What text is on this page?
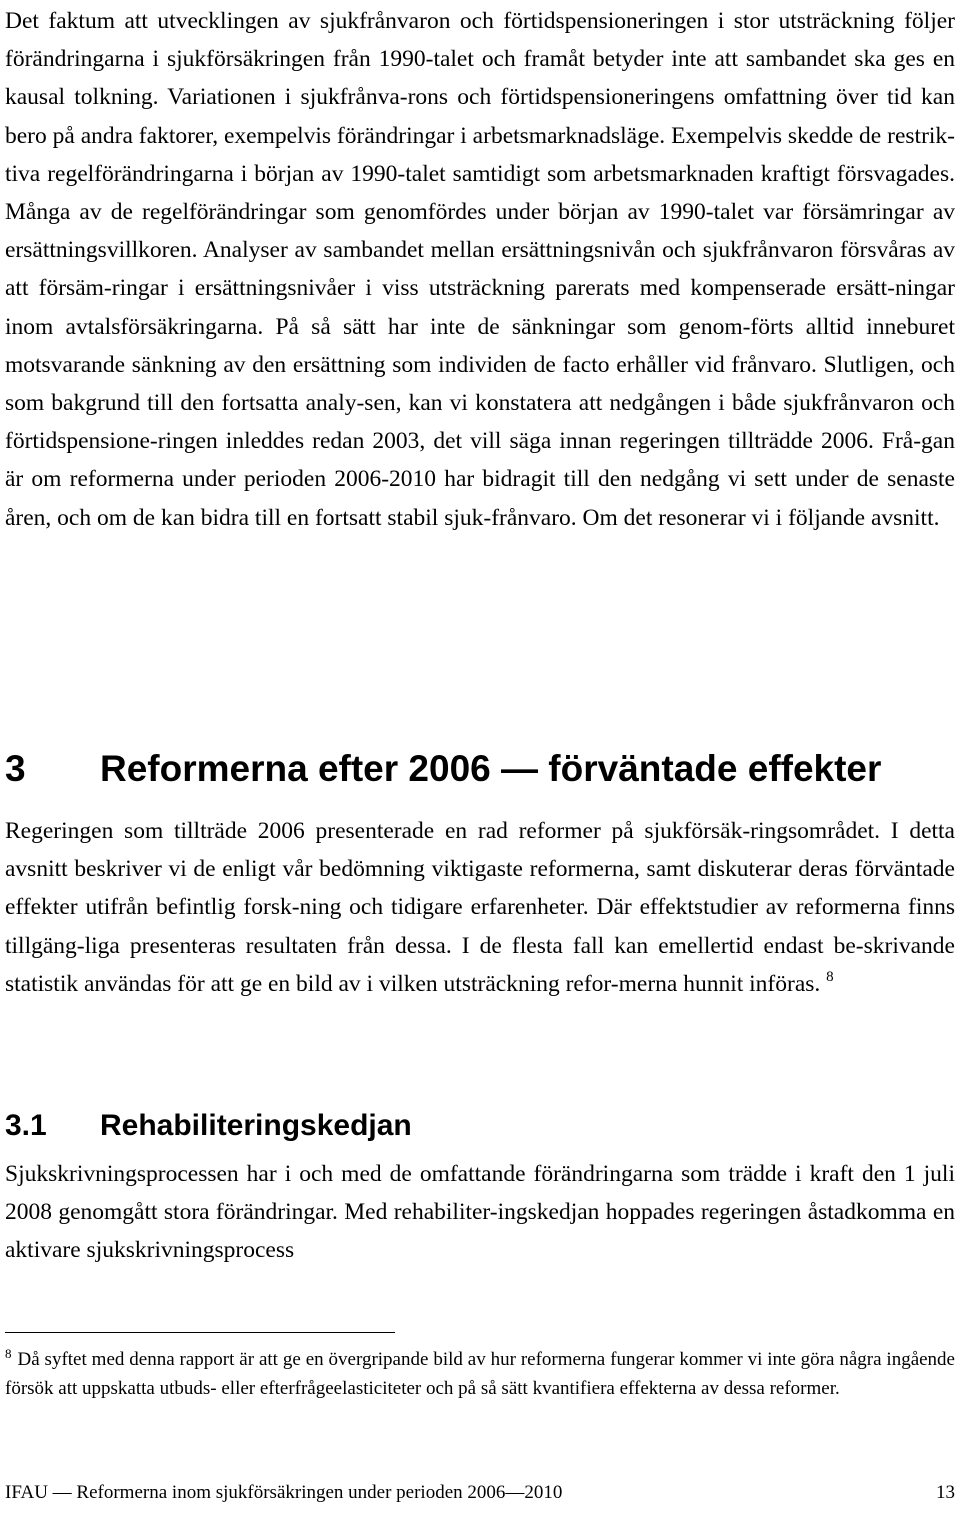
Det faktum att utvecklingen av sjukfrånvaron och förtidspensioneringen i stor utsträckning följer förändringarna i sjukförsäkringen från 1990-talet och framåt betyder inte att sambandet ska ges en kausal tolkning. Variationen i sjukfrånva-rons och förtidspensioneringens omfattning över tid kan bero på andra faktorer, exempelvis förändringar i arbetsmarknadsläge. Exempelvis skedde de restrik-tiva regelförändringarna i början av 1990-talet samtidigt som arbetsmarknaden kraftigt försvagades. Många av de regelförändringar som genomfördes under början av 1990-talet var försämringar av ersättningsvillkoren. Analyser av sambandet mellan ersättningsnivån och sjukfrånvaron försvåras av att försäm-ringar i ersättningsnivåer i viss utsträckning parerats med kompenserade ersätt-ningar inom avtalsförsäkringarna. På så sätt har inte de sänkningar som genom-förts alltid inneburet motsvarande sänkning av den ersättning som individen de facto erhåller vid frånvaro. Slutligen, och som bakgrund till den fortsatta analy-sen, kan vi konstatera att nedgången i både sjukfrånvaron och förtidspensione-ringen inleddes redan 2003, det vill säga innan regeringen tillträdde 2006. Frå-gan är om reformerna under perioden 2006-2010 har bidragit till den nedgång vi sett under de senaste åren, och om de kan bidra till en fortsatt stabil sjuk-frånvaro. Om det resonerar vi i följande avsnitt.

3 Reformerna efter 2006 — förväntade effekter

Regeringen som tillträde 2006 presenterade en rad reformer på sjukförsäk-ringsområdet. I detta avsnitt beskriver vi de enligt vår bedömning viktigaste reformerna, samt diskuterar deras förväntade effekter utifrån befintlig forsk-ning och tidigare erfarenheter. Där effektstudier av reformerna finns tillgäng-liga presenteras resultaten från dessa. I de flesta fall kan emellertid endast be-skrivande statistik användas för att ge en bild av i vilken utsträckning refor-merna hunnit införas. $^8$

3.1 Rehabiliteringskedjan

Sjukskrivningsprocessen har i och med de omfattande förändringarna som trädde i kraft den 1 juli 2008 genomgått stora förändringar. Med rehabiliter-ingskedjan hoppades regeringen åstadkomma en aktivare sjukskrivningsprocess

$^8$ Då syftet med denna rapport är att ge en övergripande bild av hur reformerna fungerar kommer vi inte göra några ingående försök att uppskatta utbuds- eller efterfrågeelasticiteter och på så sätt kvantifiera effekterna av dessa reformer.

IFAU — Reformerna inom sjukförsäkringen under perioden 2006—2010	13
